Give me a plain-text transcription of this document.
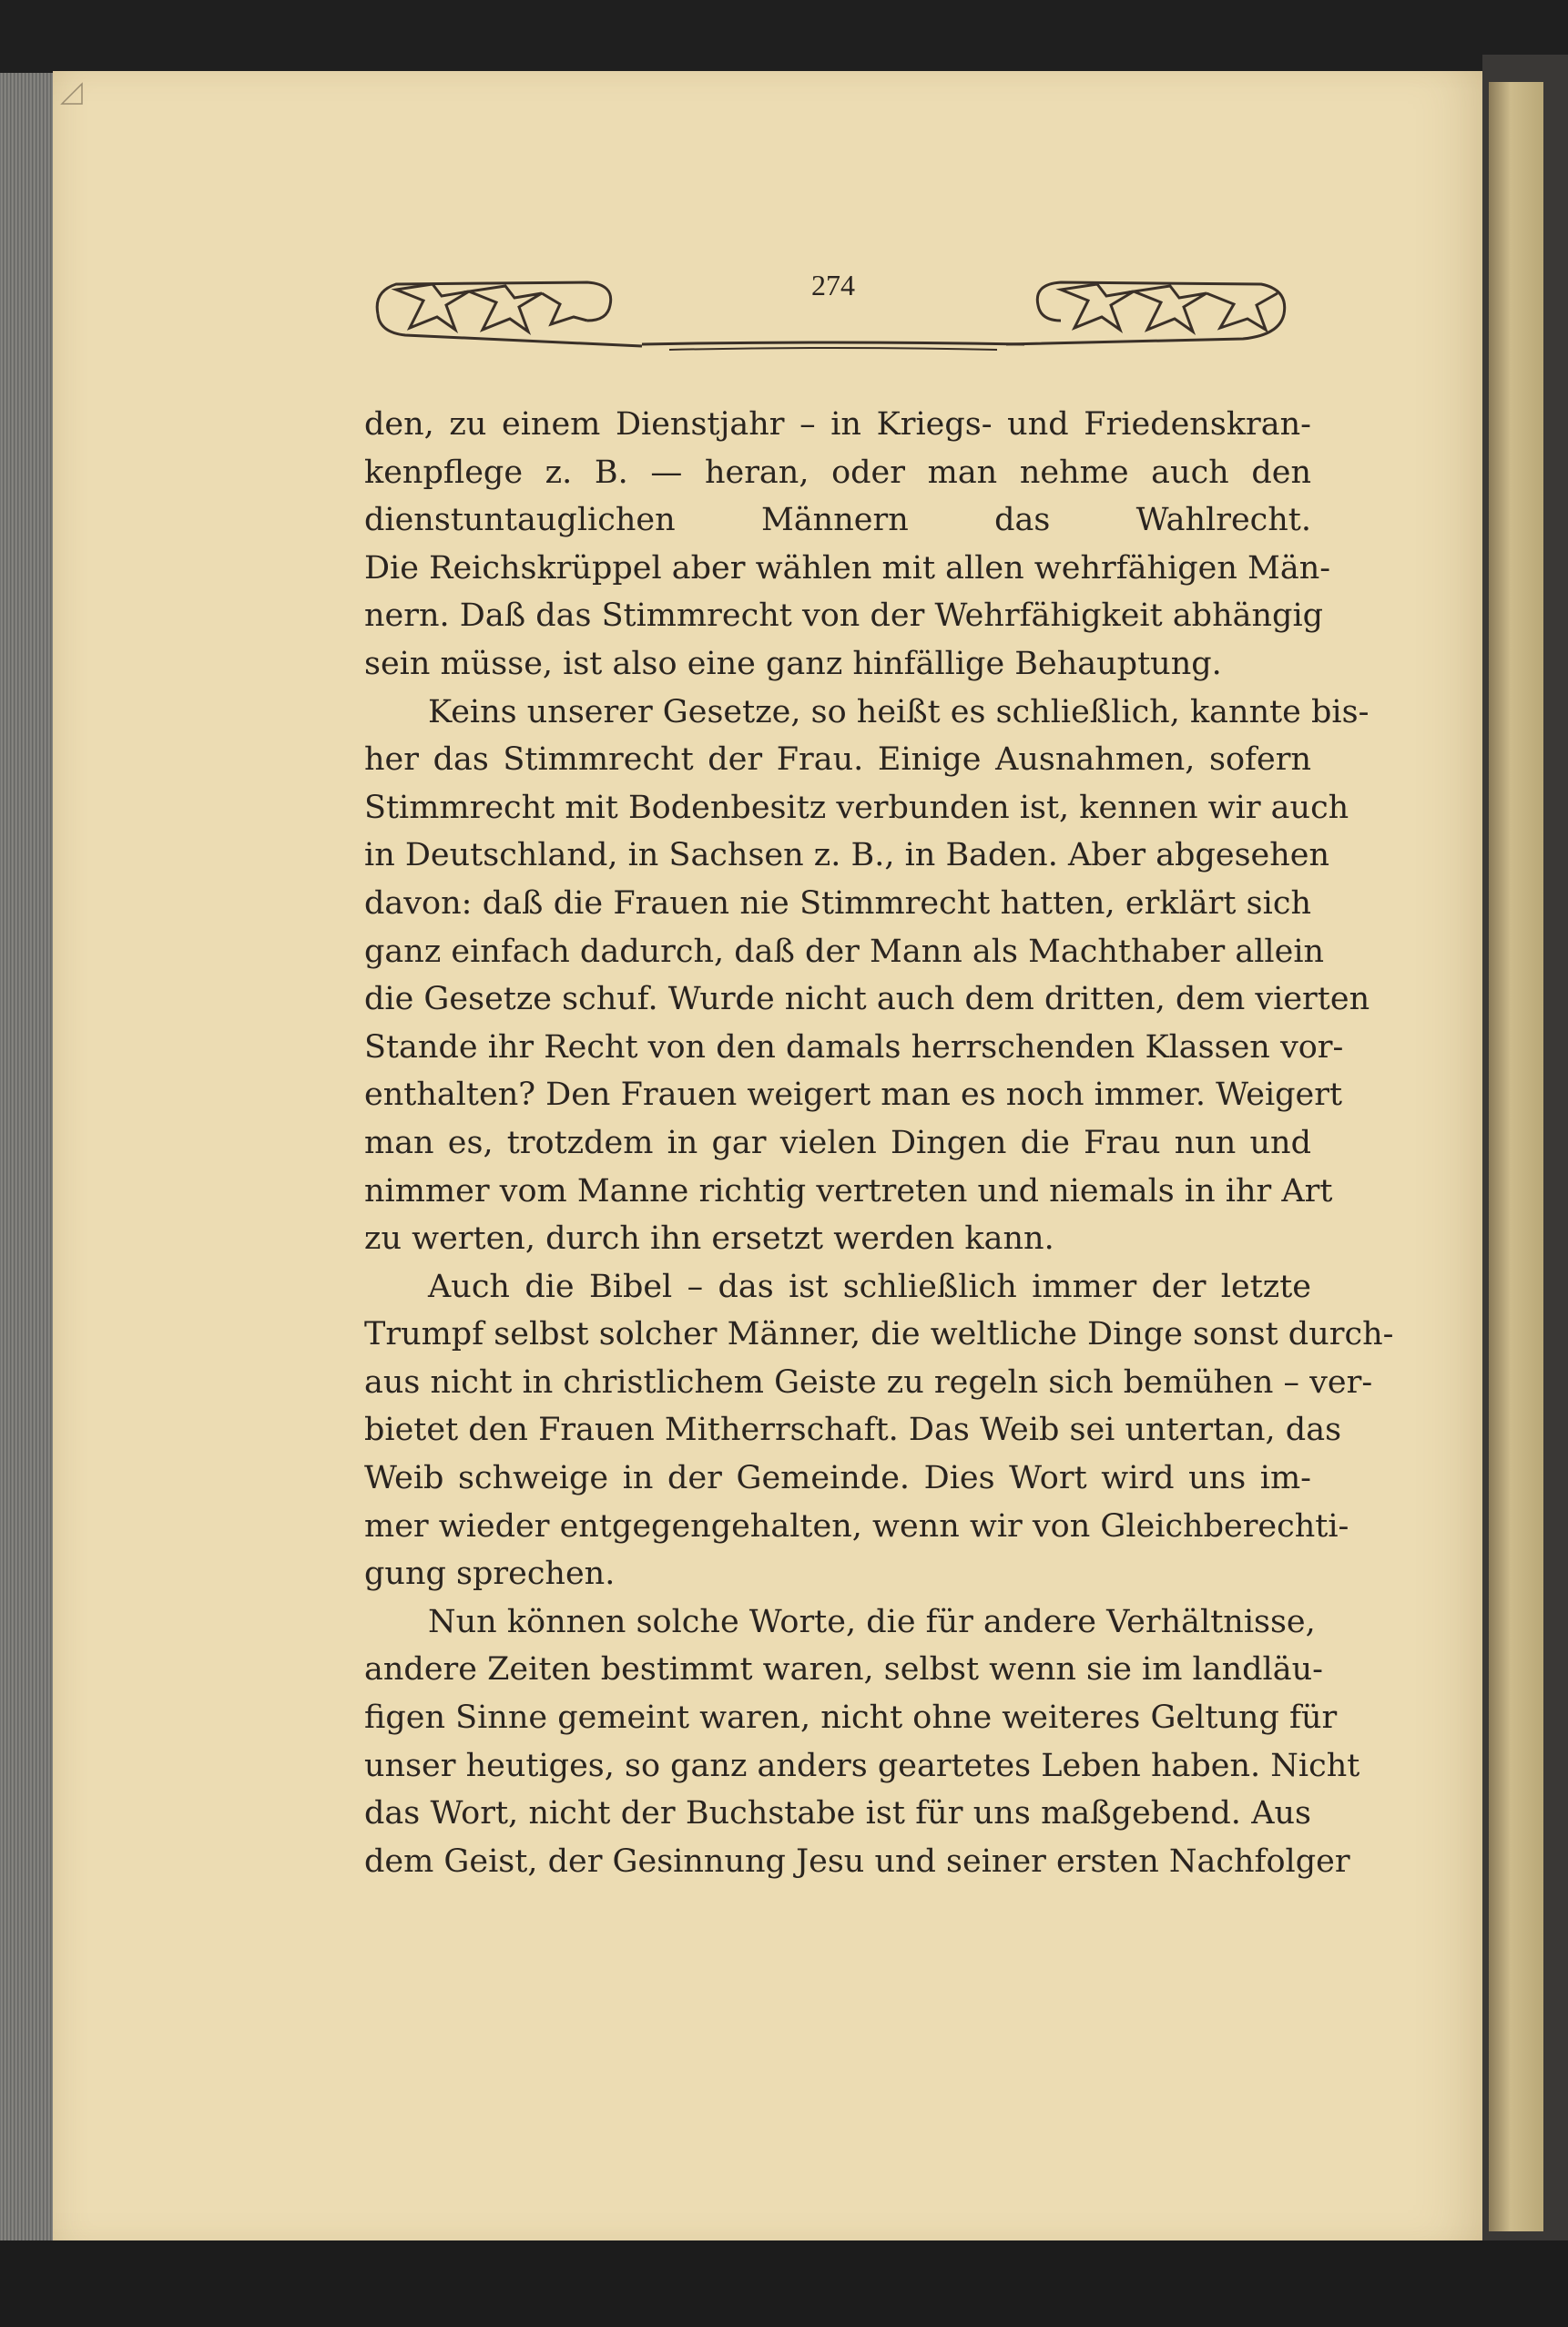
274
den, zu einem Dienstjahr – in Kriegs- und Friedenskran-
kenpflege z. B. — heran, oder man nehme auch den
dienstuntauglichen Männern das Wahlrecht.
Die Reichskrüppel aber wählen mit allen wehrfähigen Män-
nern. Daß das Stimmrecht von der Wehrfähigkeit abhängig
sein müsse, ist also eine ganz hinfällige Behauptung.
Keins unserer Gesetze, so heißt es schließlich, kannte bis-
her das Stimmrecht der Frau. Einige Ausnahmen, sofern
Stimmrecht mit Bodenbesitz verbunden ist, kennen wir auch
in Deutschland, in Sachsen z. B., in Baden. Aber abgesehen
davon: daß die Frauen nie Stimmrecht hatten, erklärt sich
ganz einfach dadurch, daß der Mann als Machthaber allein
die Gesetze schuf. Wurde nicht auch dem dritten, dem vierten
Stande ihr Recht von den damals herrschenden Klassen vor-
enthalten? Den Frauen weigert man es noch immer. Weigert
man es, trotzdem in gar vielen Dingen die Frau nun und
nimmer vom Manne richtig vertreten und niemals in ihr Art
zu werten, durch ihn ersetzt werden kann.
Auch die Bibel – das ist schließlich immer der letzte
Trumpf selbst solcher Männer, die weltliche Dinge sonst durch-
aus nicht in christlichem Geiste zu regeln sich bemühen – ver-
bietet den Frauen Mitherrschaft. Das Weib sei untertan, das
Weib schweige in der Gemeinde. Dies Wort wird uns im-
mer wieder entgegengehalten, wenn wir von Gleichberechti-
gung sprechen.
Nun können solche Worte, die für andere Verhältnisse,
andere Zeiten bestimmt waren, selbst wenn sie im landläu-
figen Sinne gemeint waren, nicht ohne weiteres Geltung für
unser heutiges, so ganz anders geartetes Leben haben. Nicht
das Wort, nicht der Buchstabe ist für uns maßgebend. Aus
dem Geist, der Gesinnung Jesu und seiner ersten Nachfolger
